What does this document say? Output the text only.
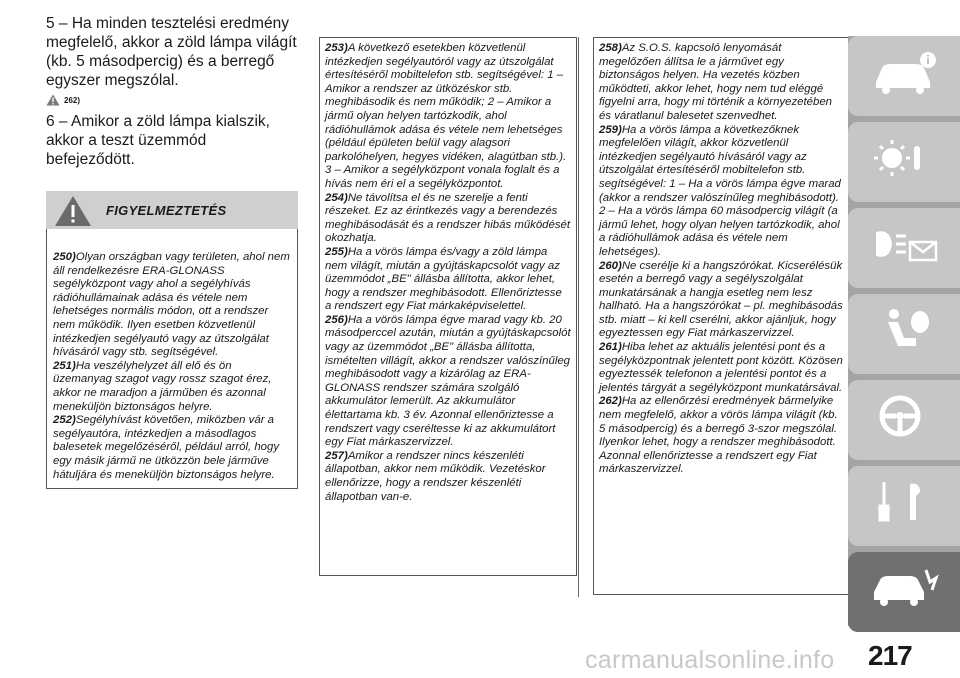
5 – Ha minden tesztelési eredmény megfelelő, akkor a zöld lámpa világít (kb. 5 másodpercig) és a berregő egyszer megszólal.

262)

6 – Amikor a zöld lámpa kialszik, akkor a teszt üzemmód befejeződött.

FIGYELMEZTETÉS

250)Olyan országban vagy területen, ahol nem áll rendelkezésre ERA-GLONASS segélyközpont vagy ahol a segélyhívás rádióhullámainak adása és vétele nem lehetséges normális módon, ott a rendszer nem működik. Ilyen esetben közvetlenül intézkedjen segélyautó vagy az útszolgálat hívásáról vagy stb. segítségével.

251)Ha veszélyhelyzet áll elő és ön üzemanyag szagot vagy rossz szagot érez, akkor ne maradjon a járműben és azonnal meneküljön biztonságos helyre.

252)Segélyhívást követően, miközben vár a segélyautóra, intézkedjen a másodlagos balesetek megelőzéséről, például arról, hogy egy másik jármű ne ütközzön bele járműve hátuljára és meneküljön biztonságos helyre.

253)A következő esetekben közvetlenül intézkedjen segélyautóról vagy az útszolgálat értesítéséről mobiltelefon stb. segítségével: 1 – Amikor a rendszer az ütközéskor stb. meghibásodik és nem működik; 2 – Amikor a jármű olyan helyen tartózkodik, ahol rádióhullámok adása és vétele nem lehetséges (például épületen belül vagy alagsori parkolóhelyen, hegyes vidéken, alagútban stb.). 3 – Amikor a segélyközpont vonala foglalt és a hívás nem éri el a segélyközpontot.

254)Ne távolítsa el és ne szerelje a fenti részeket. Ez az érintkezés vagy a berendezés meghibásodását és a rendszer hibás működését okozhatja.

255)Ha a vörös lámpa és/vagy a zöld lámpa nem világít, miután a gyújtáskapcsolót vagy az üzemmódot „BE" állásba állította, akkor lehet, hogy a rendszer meghibásodott. Ellenőriztesse a rendszert egy Fiat márkaképviselettel.

256)Ha a vörös lámpa égve marad vagy kb. 20 másodperccel azután, miután a gyújtáskapcsolót vagy az üzemmódot „BE" állásba állította, ismételten villágít, akkor a rendszer valószínűleg meghibásodott vagy a kizárólag az ERA-GLONASS rendszer számára szolgáló akkumulátor lemerült. Az akkumulátor élettartama kb. 3 év. Azonnal ellenőriztesse a rendszert vagy cseréltesse ki az akkumulátort egy Fiat márkaszervizzel.

257)Amikor a rendszer nincs készenléti állapotban, akkor nem működik. Vezetéskor ellenőrizze, hogy a rendszer készenléti állapotban van-e.

258)Az S.O.S. kapcsoló lenyomását megelőzően állítsa le a járművet egy biztonságos helyen. Ha vezetés közben működteti, akkor lehet, hogy nem tud eléggé figyelni arra, hogy mi történik a környezetében és váratlanul balesetet szenvedhet.

259)Ha a vörös lámpa a következőknek megfelelően világít, akkor közvetlenül intézkedjen segélyautó hívásáról vagy az útszolgálat értesítéséről mobiltelefon stb. segítségével: 1 – Ha a vörös lámpa égve marad (akkor a rendszer valószínűleg meghibásodott). 2 – Ha a vörös lámpa 60 másodpercig világít (a jármű lehet, hogy olyan helyen tartózkodik, ahol a rádióhullámok adása és vétele nem lehetséges).

260)Ne cserélje ki a hangszórókat. Kicserélésük esetén a berregő vagy a segélyszolgálat munkatársának a hangja esetleg nem lesz hallható. Ha a hangszórókat – pl. meghibásodás stb. miatt – ki kell cserélni, akkor ajánljuk, hogy egyeztessen egy Fiat márkaszervizzel.

261)Hiba lehet az aktuális jelentési pont és a segélyközpontnak jelentett pont között. Közösen egyeztessék telefonon a jelentési pontot és a jelentés tárgyát a segélyközpont munkatársával.

262)Ha az ellenőrzési eredmények bármelyike nem megfelelő, akkor a vörös lámpa világít (kb. 5 másodpercig) és a berregő 3-szor megszólal. Ilyenkor lehet, hogy a rendszer meghibásodott. Azonnal ellenőriztesse a rendszert egy Fiat márkaszervizzel.

217
carmanualsonline.info
